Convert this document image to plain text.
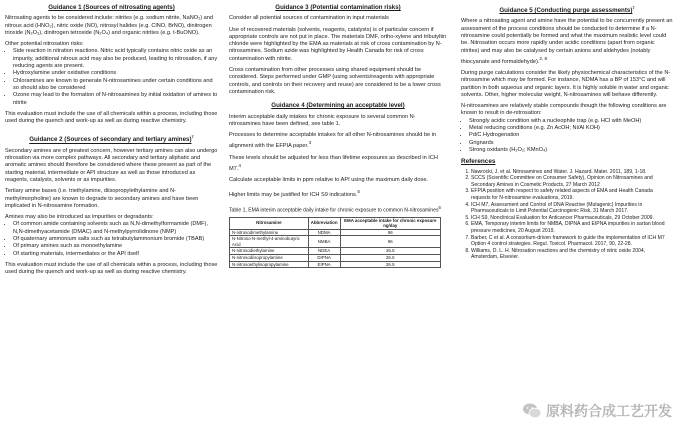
Guidance 1 (Sources of nitrosating agents)

Nitrosating agents to be considered include: nitrites (e.g. sodium nitrite, NaNO₂) and nitrous acid (HNO₂), nitric oxide (NO), nitrosyl halides (e.g. ClNO, BrNO), dinitrogen trioxide (N₂O₃), dinitrogen tetroxide (N₂O₄) and organic nitrites (e.g. t-BuONO).

Other potential nitrosation risks:

• Side reaction in nitration reactions. Nitric acid typically contains nitric oxide as an impurity, additional nitrous acid may also be produced, leading to nitrosation, if any reducing agents are present.
• Hydroxylamine under oxidative conditions
• Chloramines are known to generate N-nitrosamines under certain conditions and so should also be considered
• Ozone may lead to the formation of N-nitrosamines by initial oxidation of amines to nitrite

This evaluation must include the use of all chemicals within a process, including those used during the quench and work-up as well as during reactive chemistry.

Guidance 2 (Sources of secondary and tertiary amines)$^7$

Secondary amines are of greatest concern, however tertiary amines can also undergo nitrosation via more complex pathways. All secondary and tertiary aliphatic and aromatic amines should therefore be considered where these present as part of the starting material, intermediate or API structure as well as those introduced as reagents, catalysts, solvents or as impurities.

Tertiary amine bases (i.e. triethylamine, diisopropylethylamine and N-methylmorpholine) are known to degrade to secondary amines and have been implicated in N-nitrosamine formation.

Amines may also be introduced as impurities or degradants:

• Of common amide containing solvents such as N,N-dimethylformamide (DMF), N,N-dimethyacetamide (DMAC) and N-methylpyrrolidinone (NMP)
• Of quaternary ammonium salts such as tetrabutylammonium bromide (TBAB)
• Of primary amines such as monoethylamine
• Of starting materials, intermediates or the API itself

This evaluation must include the use of all chemicals within a process, including those used during the quench and work-up as well as during reactive chemistry.

Guidance 3 (Potential contamination risks)

Consider all potential sources of contamination in input materials

Use of recovered materials (solvents, reagents, catalysts) is of particular concern if appropriate controls are not put in place. The materials DMF, ortho-xylene and tributyltin chloride were highlighted by the EMA as materials at risk of cross contamination by N-nitrosamines. Sodium azide was highlighted by Health Canada for risk of cross contamination with nitrite.

Cross contamination from other processes using shared equipment should be considered. Steps performed under GMP (using solvents/reagents with appropriate controls, and controls on their recovery and reuse) are considered to be a lower cross contamination risk.

Guidance 4 (Determining an acceptable level)

Interim acceptable daily intakes for chronic exposure to several common N-nitrosamines have been defined, see table 1.

Processes to determine acceptable intakes for all other N-nitrosamines should be in alignment with the EFPIA paper.$^3$

These levels should be adjusted for less than lifetime exposures as described in ICH M7.$^4$

Calculate acceptable limits in ppm relative to API using the maximum daily dose.

Higher limits may be justified for ICH S9 indications.$^5$

Table 1, EMA interim acceptable daily intake for chronic exposure to common N-nitrosamines$^6$
Nitrosamine	Abbreviation	EMA acceptable intake for chronic exposure ng/day
N-nitrosodimethylamine	NDMA	96
N-Nitroso-N-methyl-4-aminobutyric Acid	NMBA	96
N-nitrosodiethylamine	NDEA	26.5
N-nitrosodiisopropylamine	DIPNA	26.5
N-nitrosoethylisopropylamine	EIPNA	26.5
Guidance 5 (Conducting purge assessments)$^7$

Where a nitrosating agent and amine have the potential to be concurrently present an assessment of the process conditions should be conducted to determine if a N-nitrosamine could potentially be formed and what the maximum realistic level could be. Nitrosation occurs more rapidly under acidic conditions (apart from organic nitrites) and may also be catalysed by certain anions and aldehydes (notably thiocyanate and formaldehyde).$^{2, 8}$

During purge calculations consider the likely physiochemical characteristics of the N-nitrosamine which may be formed. For instance, NDMA has a BP of 153°C and will partition in both aqueous and organic layers. It is highly soluble in water and organic solvents. Other, higher molecular weight, N-nitrosamines will behave differently.

N-nitrosamines are relatively stable compounds though the following conditions are known to result in de-nitrosation:

• Strongly acidic condition with a nucleophile trap (e.g. HCl with MeOH)
• Metal reducing conditions (e.g. Zn AcOH; Ni/Al KOH)
• Pd/C Hydrogenation
• Grignards
• Strong oxidants (H₂O₂; KMnO₄)
References
1. Nawrocki, J. et al. Nitrosamines and Water. J. Hazard. Mater. 2011, 189, 1-18.
2. SCCS (Scientific Committee on Consumer Safety), Opinion on Nitrosamines and Secondary Amines in Cosmetic Products, 27 March 2012
3. EFPIA position with respect to safety related aspects of EMA and Health Canada requests for N-nitrosamine evaluations, 2019.
4. ICH M7, Assessment and Control of DNA Reactive (Mutagenic) Impurities in Pharmaceuticals to Limit Potential Carcinogenic Risk, 31 March 2017.
5. ICH S9, Nonclinical Evaluation for Anticancer Pharmaceuticals, 29 October 2009.
6. EMA, Temporary interim limits for NMBA, DIPNA and EIPNA impurities in sartan blood pressure medicines, 20 August 2019.
7. Barber, C et al. A consortium-driven framework to guide the implementation of ICH M7 Option 4 control strategies. Regul. Toxicol. Pharmacol. 2017, 90, 22-28.
8. Williams, D. L. H. Nitrosation reactions and the chemistry of nitric oxide 2004, Amsterdam, Elsevier.
原料药合成工艺开发
